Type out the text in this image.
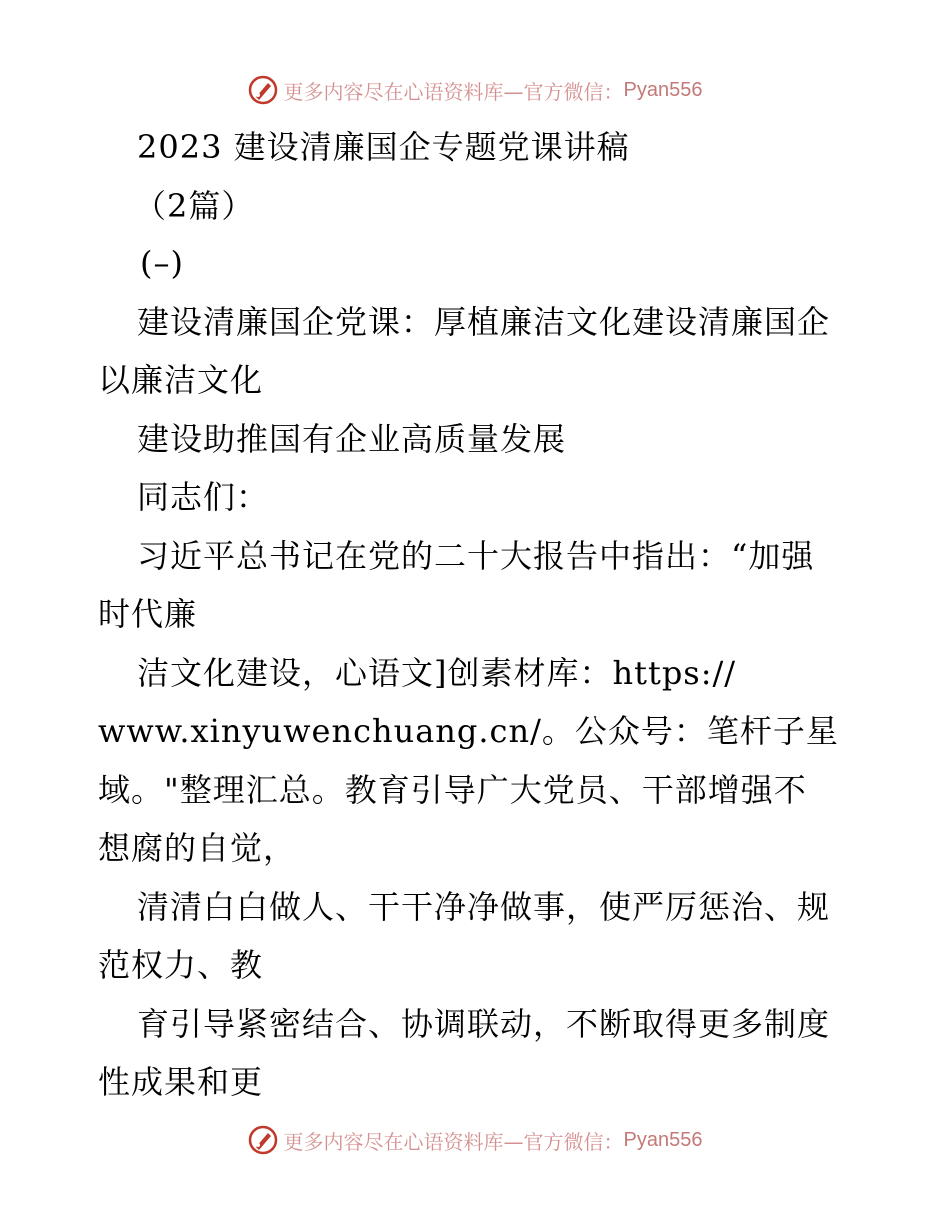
更多内容尽在心语资料库—官方微信： Pyan556
2023 建设清廉国企专题党课讲稿
（2篇）
(–)
建设清廉国企党课：厚植廉洁文化建设清廉国企
以廉洁文化
建设助推国有企业高质量发展
同志们：
习近平总书记在党的二十大报告中指出：“加强
时代廉
洁文化建设，心语文]创素材库：https://
www.xinyuwenchuang.cn/。公众号：笔杆子星
域。"整理汇总。教育引导广大党员、干部增强不
想腐的自觉，
清清白白做人、干干净净做事，使严厉惩治、规
范权力、教
育引导紧密结合、协调联动，不断取得更多制度
性成果和更
更多内容尽在心语资料库—官方微信： Pyan556
